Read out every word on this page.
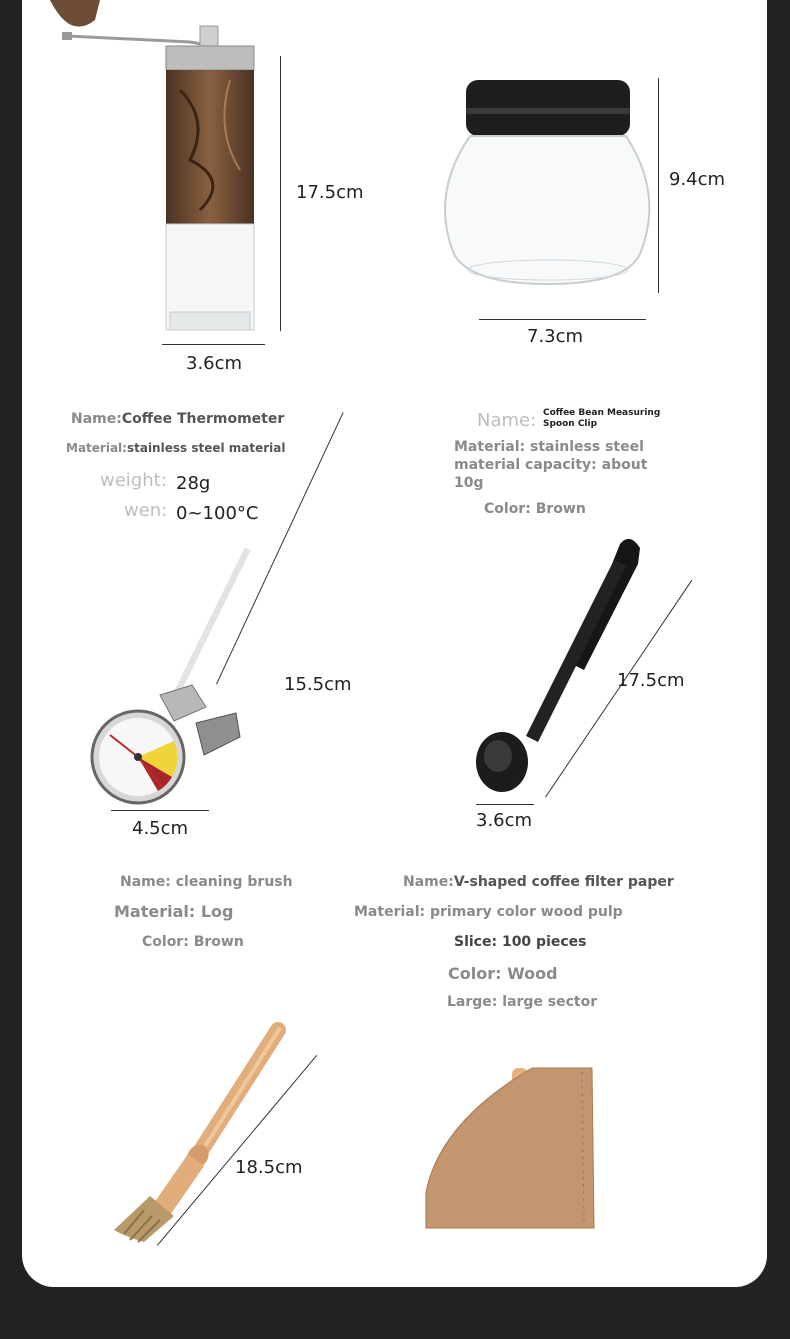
17.5cm
3.6cm
9.4cm
7.3cm
Name:Coffee Thermometer
Material:stainless steel material
weight: 28g
wen: 0~100°C
Name: Coffee Bean Measuring Spoon Clip
Material: stainless steel material capacity: about 10g
Color: Brown
15.5cm
4.5cm
17.5cm
3.6cm
Name: cleaning brush
Material: Log
Color: Brown
Name:V-shaped coffee filter paper
Material: primary color wood pulp
Slice: 100 pieces
Color: Wood
Large: large sector
18.5cm
